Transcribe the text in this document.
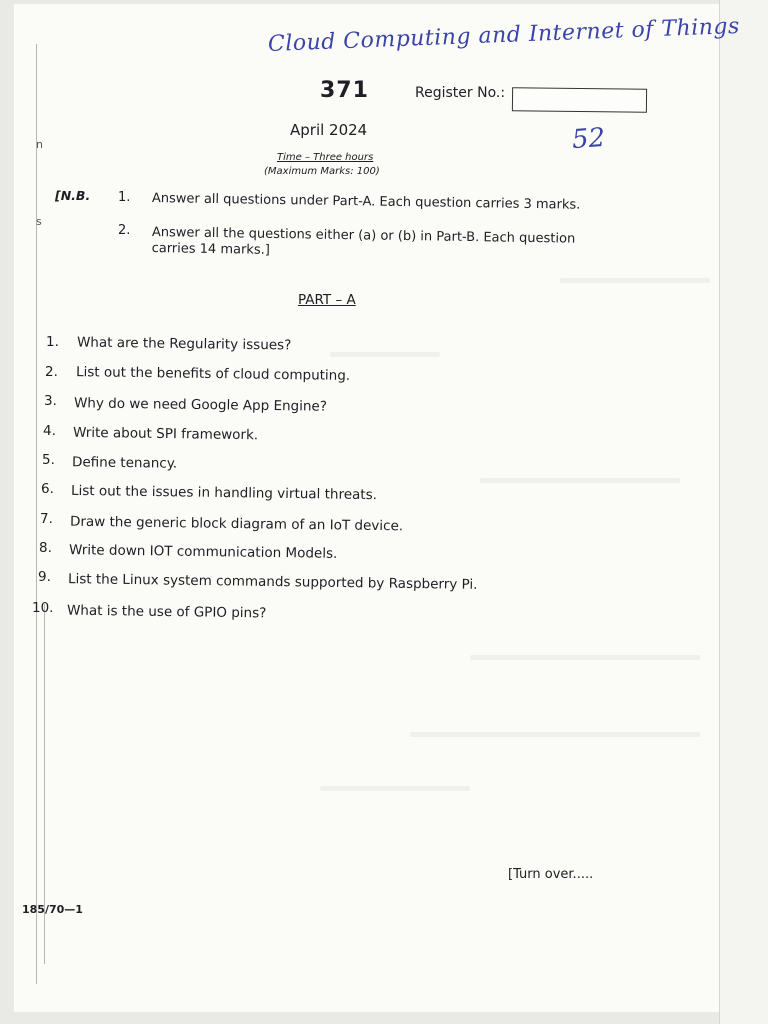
n
s
Cloud Computing and Internet of Things
52
371	Register No.:
April 2024
Time – Three hours
(Maximum Marks: 100)
[N.B. 1. Answer all questions under Part-A. Each question carries 3 marks.
2. Answer all the questions either (a) or (b) in Part-B. Each question carries 14 marks.]
PART – A
1. What are the Regularity issues?
2. List out the benefits of cloud computing.
3. Why do we need Google App Engine?
4. Write about SPI framework.
5. Define tenancy.
6. List out the issues in handling virtual threats.
7. Draw the generic block diagram of an IoT device.
8. Write down IOT communication Models.
9. List the Linux system commands supported by Raspberry Pi.
10. What is the use of GPIO pins?
[Turn over.....
185/70—1
